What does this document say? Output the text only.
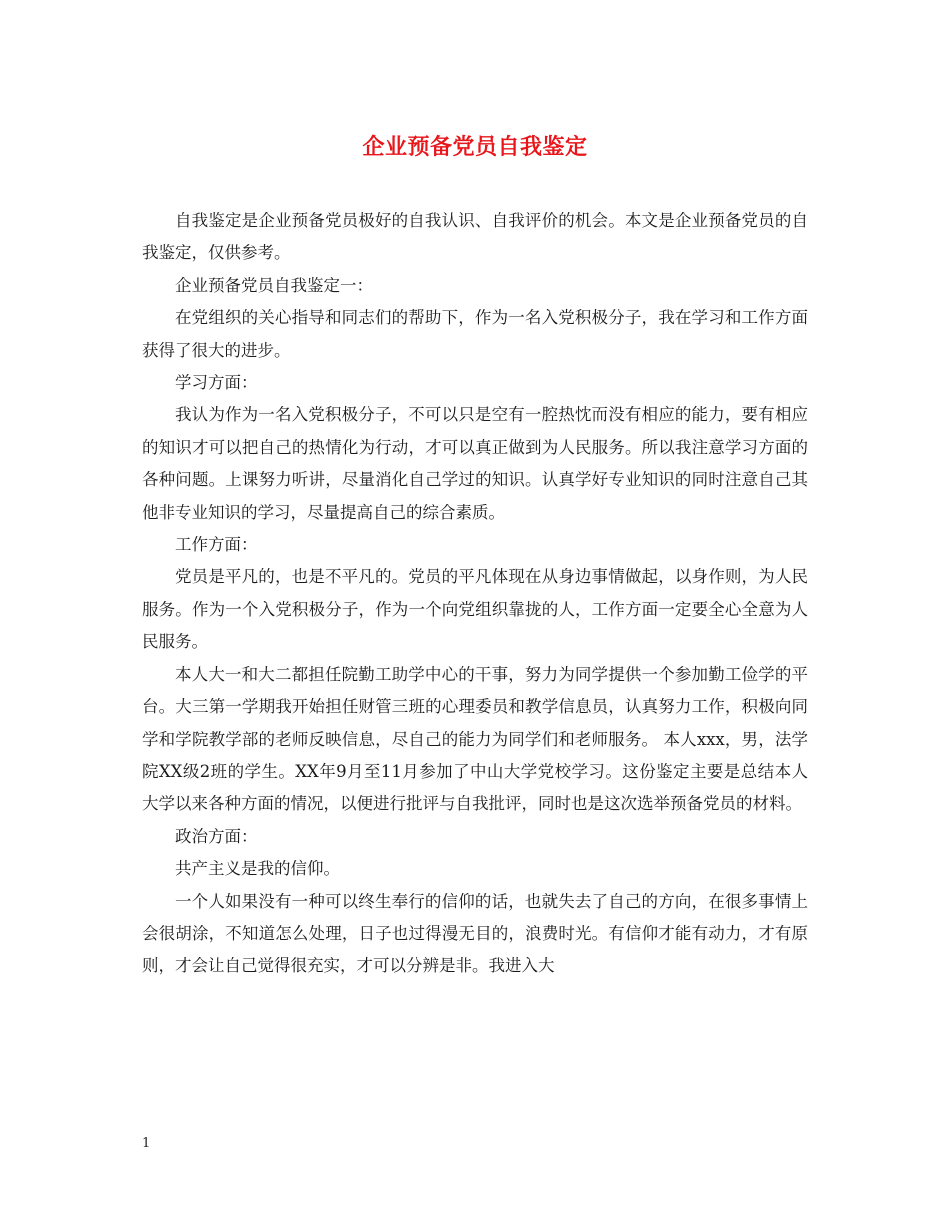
企业预备党员自我鉴定

自我鉴定是企业预备党员极好的自我认识、自我评价的机会。本文是企业预备党员的自我鉴定，仅供参考。

企业预备党员自我鉴定一：

在党组织的关心指导和同志们的帮助下，作为一名入党积极分子，我在学习和工作方面获得了很大的进步。

学习方面：

我认为作为一名入党积极分子，不可以只是空有一腔热忱而没有相应的能力，要有相应的知识才可以把自己的热情化为行动，才可以真正做到为人民服务。所以我注意学习方面的各种问题。上课努力听讲，尽量消化自己学过的知识。认真学好专业知识的同时注意自己其他非专业知识的学习，尽量提高自己的综合素质。

工作方面：

党员是平凡的，也是不平凡的。党员的平凡体现在从身边事情做起，以身作则，为人民服务。作为一个入党积极分子，作为一个向党组织靠拢的人，工作方面一定要全心全意为人民服务。

本人大一和大二都担任院勤工助学中心的干事，努力为同学提供一个参加勤工俭学的平台。大三第一学期我开始担任财管三班的心理委员和教学信息员，认真努力工作，积极向同学和学院教学部的老师反映信息，尽自己的能力为同学们和老师服务。 本人xxx，男，法学院XX级2班的学生。XX年9月至11月参加了中山大学党校学习。这份鉴定主要是总结本人大学以来各种方面的情况，以便进行批评与自我批评，同时也是这次选举预备党员的材料。

政治方面：

共产主义是我的信仰。

一个人如果没有一种可以终生奉行的信仰的话，也就失去了自己的方向，在很多事情上会很胡涂，不知道怎么处理，日子也过得漫无目的，浪费时光。有信仰才能有动力，才有原则，才会让自己觉得很充实，才可以分辨是非。我进入大

1
